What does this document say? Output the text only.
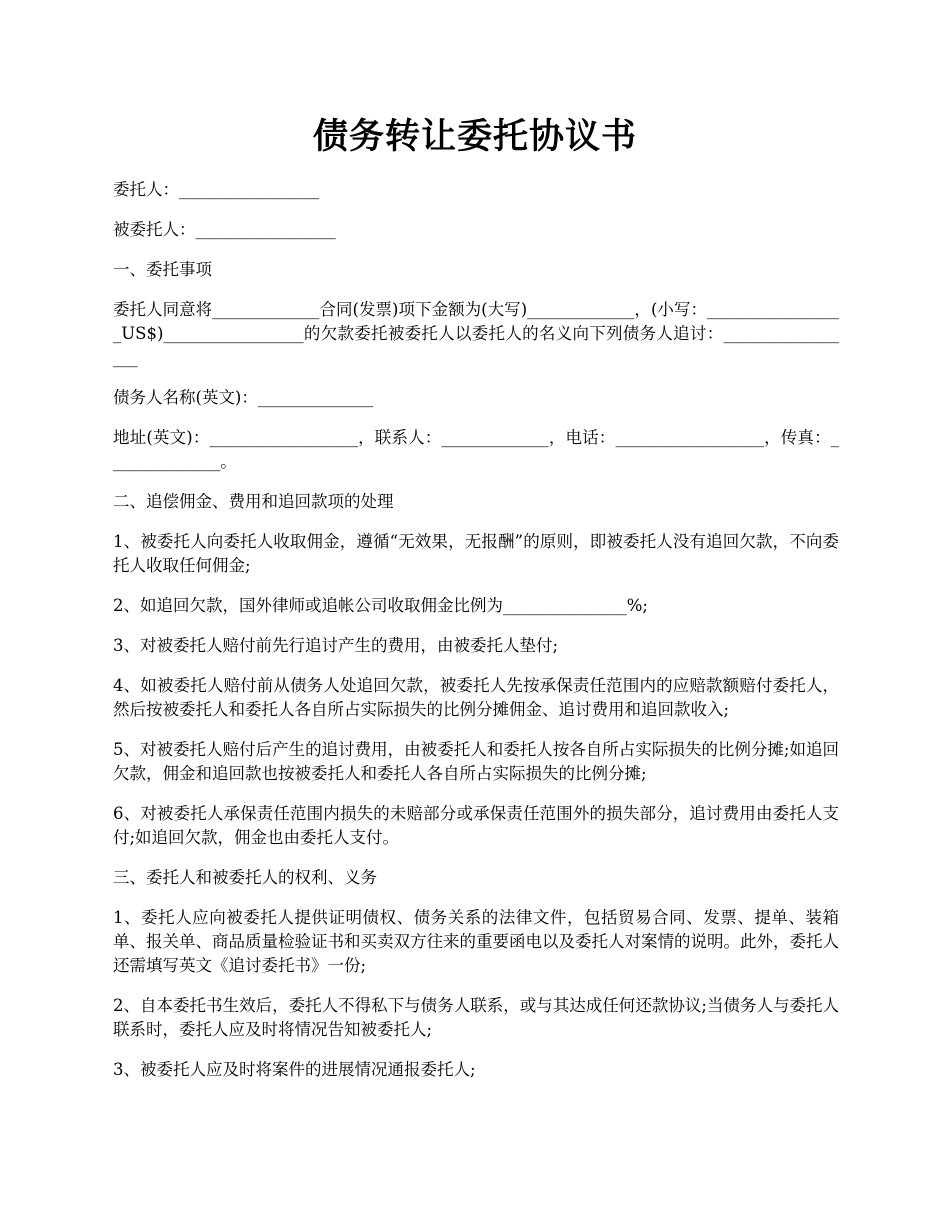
债务转让委托协议书

委托人：_________________

被委托人：_________________

一、委托事项

委托人同意将_____________合同(发票)项下金额为(大写)_____________，(小写：_________________US$)_________________的欠款委托被委托人以委托人的名义向下列债务人追讨：_________________

债务人名称(英文)：______________

地址(英文)：__________________，联系人：_____________，电话：__________________，传真：______________。

二、追偿佣金、费用和追回款项的处理

1、被委托人向委托人收取佣金，遵循“无效果，无报酬”的原则，即被委托人没有追回欠款，不向委托人收取任何佣金;

2、如追回欠款，国外律师或追帐公司收取佣金比例为_______________%;

3、对被委托人赔付前先行追讨产生的费用，由被委托人垫付;

4、如被委托人赔付前从债务人处追回欠款，被委托人先按承保责任范围内的应赔款额赔付委托人，然后按被委托人和委托人各自所占实际损失的比例分摊佣金、追讨费用和追回款收入;

5、对被委托人赔付后产生的追讨费用，由被委托人和委托人按各自所占实际损失的比例分摊;如追回欠款，佣金和追回款也按被委托人和委托人各自所占实际损失的比例分摊;

6、对被委托人承保责任范围内损失的未赔部分或承保责任范围外的损失部分，追讨费用由委托人支付;如追回欠款，佣金也由委托人支付。

三、委托人和被委托人的权利、义务

1、委托人应向被委托人提供证明债权、债务关系的法律文件，包括贸易合同、发票、提单、装箱单、报关单、商品质量检验证书和买卖双方往来的重要函电以及委托人对案情的说明。此外，委托人还需填写英文《追讨委托书》一份;

2、自本委托书生效后，委托人不得私下与债务人联系，或与其达成任何还款协议;当债务人与委托人联系时，委托人应及时将情况告知被委托人;

3、被委托人应及时将案件的进展情况通报委托人;
